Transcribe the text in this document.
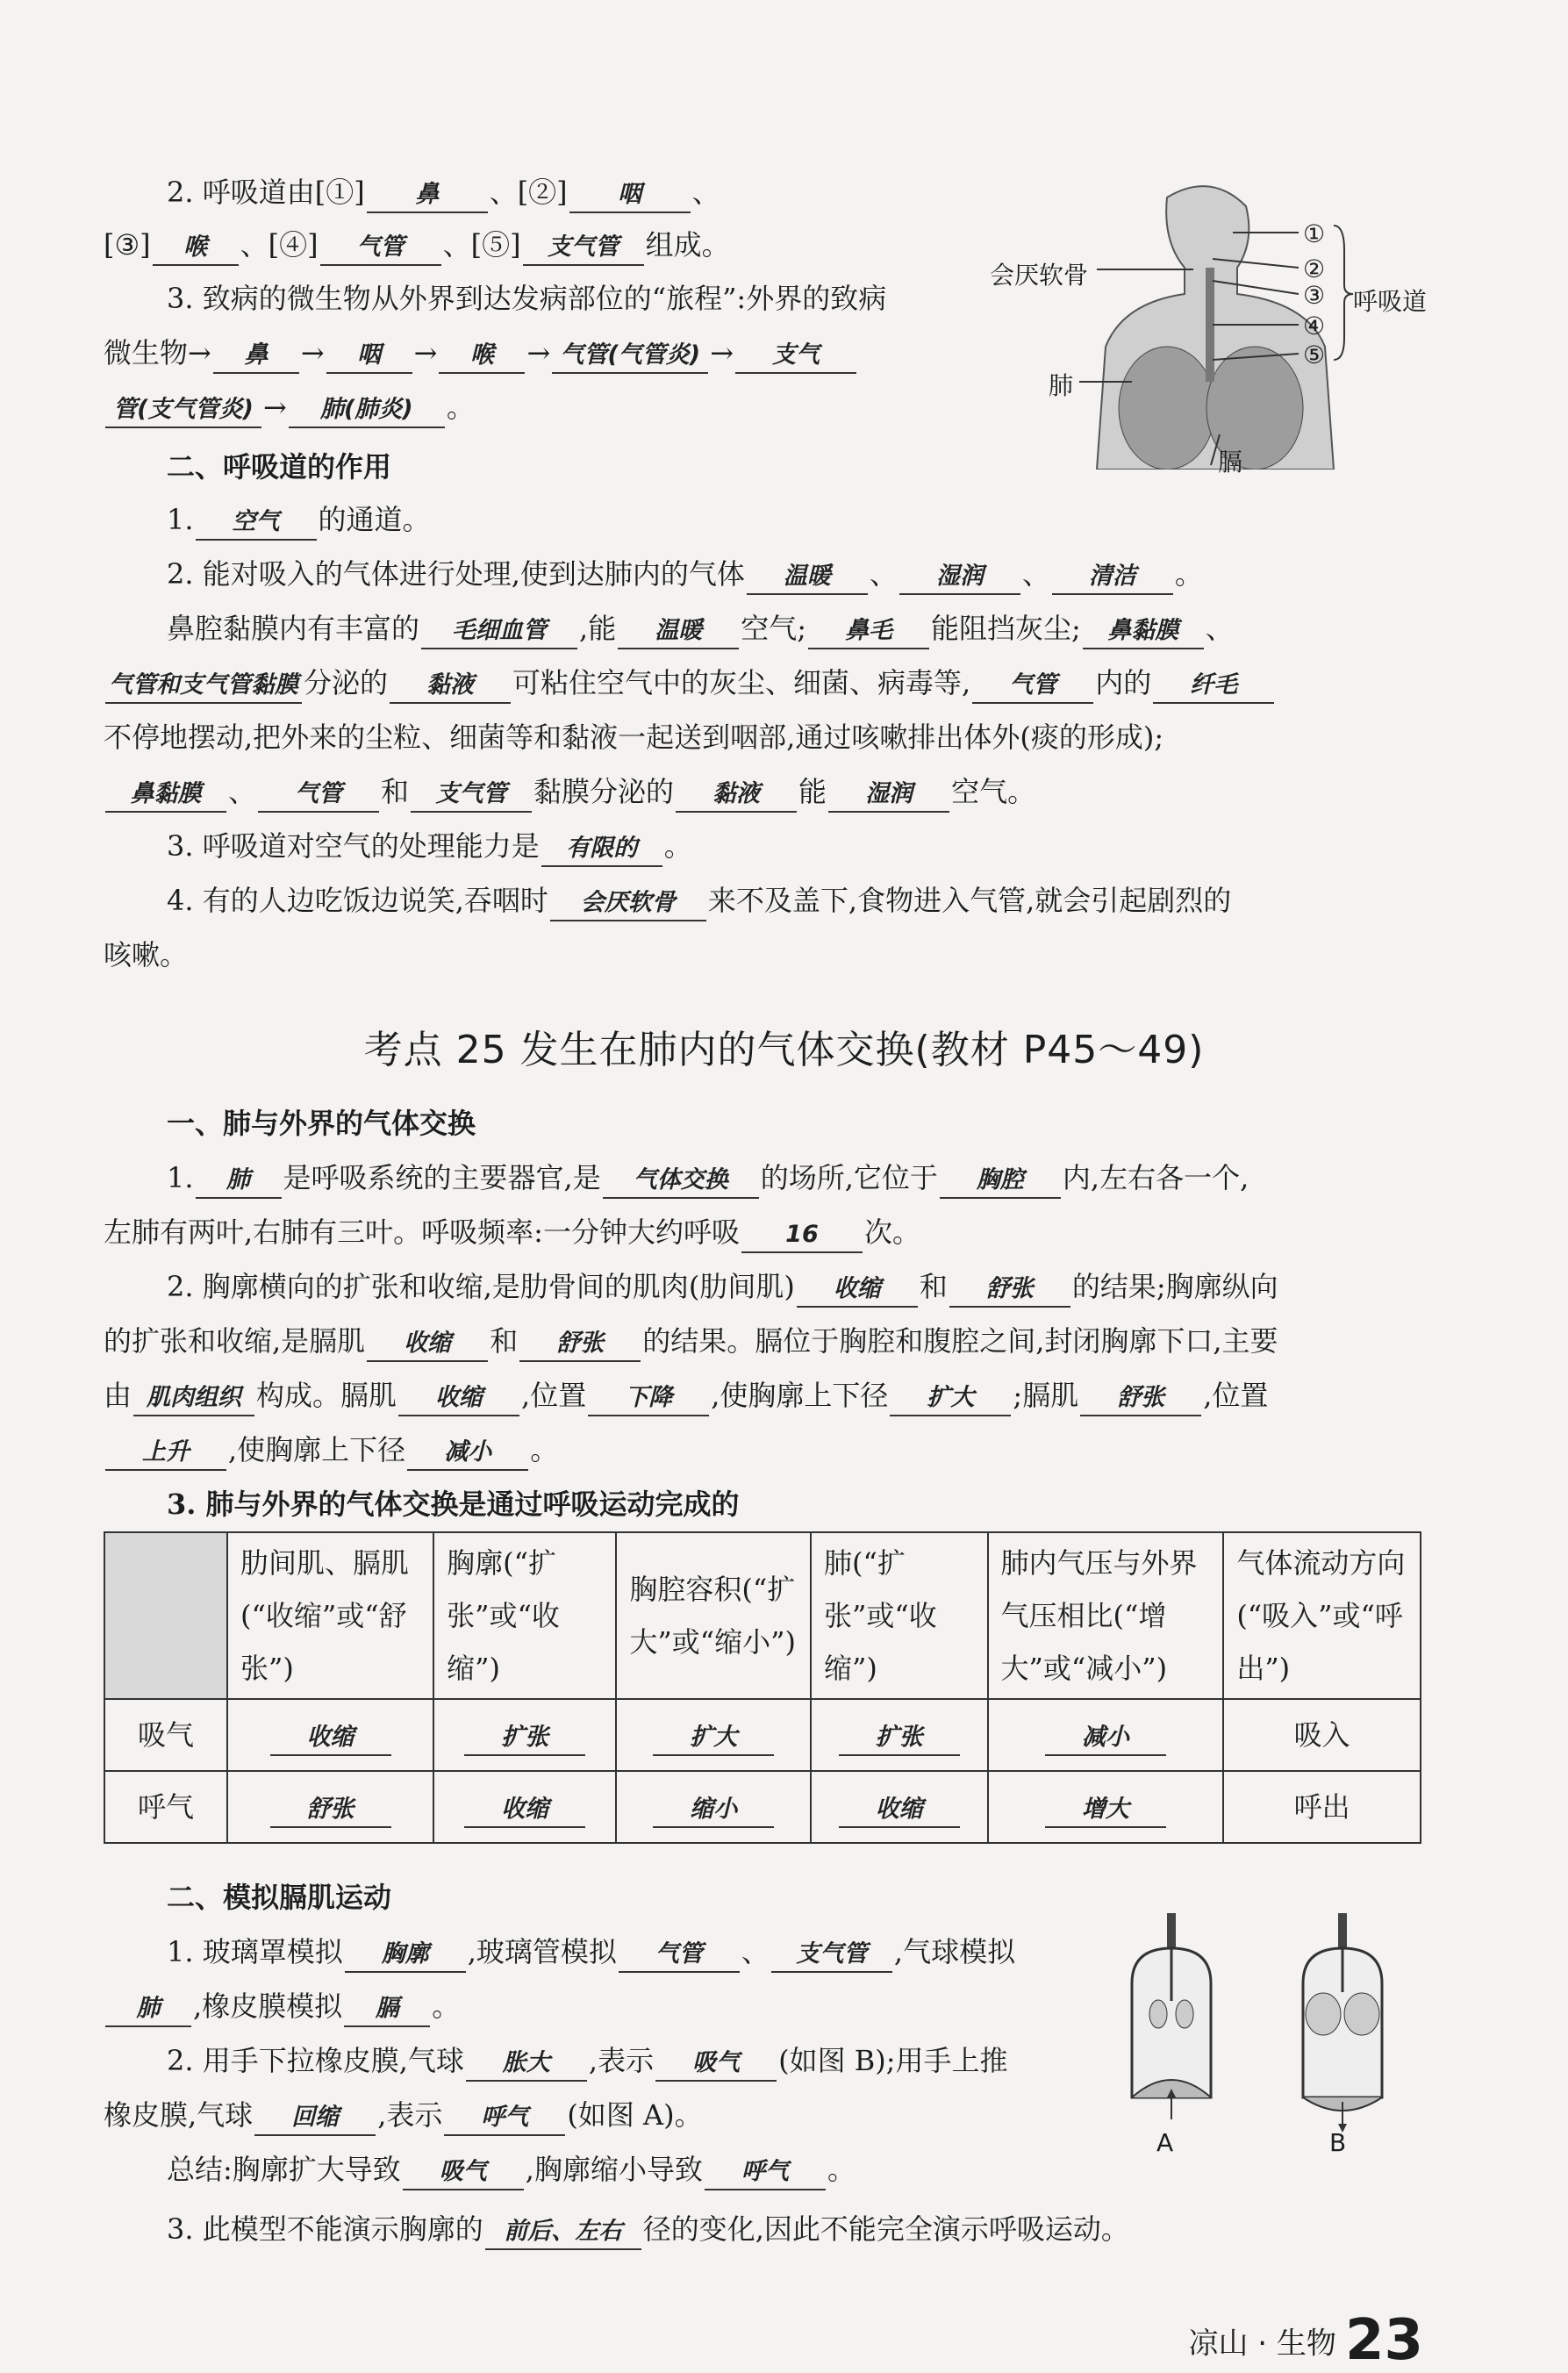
2. 呼吸道由[①] 鼻 、[②] 咽 、
[③] 喉 、[④] 气管 、[⑤] 支气管 组成。
3. 致病的微生物从外界到达发病部位的“旅程”:外界的致病
微生物→ 鼻 → 咽 → 喉 → 气管(气管炎) → 支气
管(支气管炎) → 肺(肺炎) 。
①
②
③
④
⑤
呼吸道
会厌软骨
肺
膈
二、呼吸道的作用
1. 空气 的通道。
2. 能对吸入的气体进行处理,使到达肺内的气体 温暖 、 湿润 、 清洁 。
鼻腔黏膜内有丰富的 毛细血管 ,能 温暖 空气; 鼻毛 能阻挡灰尘; 鼻黏膜 、
气管和支气管黏膜 分泌的 黏液 可粘住空气中的灰尘、细菌、病毒等, 气管 内的 纤毛
不停地摆动,把外来的尘粒、细菌等和黏液一起送到咽部,通过咳嗽排出体外(痰的形成);
鼻黏膜 、 气管 和 支气管 黏膜分泌的 黏液 能 湿润 空气。
3. 呼吸道对空气的处理能力是 有限的 。
4. 有的人边吃饭边说笑,吞咽时 会厌软骨 来不及盖下,食物进入气管,就会引起剧烈的
咳嗽。
考点 25 发生在肺内的气体交换(教材 P45～49)
一、肺与外界的气体交换
1. 肺 是呼吸系统的主要器官,是 气体交换 的场所,它位于 胸腔 内,左右各一个,
左肺有两叶,右肺有三叶。呼吸频率:一分钟大约呼吸 16 次。
2. 胸廓横向的扩张和收缩,是肋骨间的肌肉(肋间肌) 收缩 和 舒张 的结果;胸廓纵向
的扩张和收缩,是膈肌 收缩 和 舒张 的结果。膈位于胸腔和腹腔之间,封闭胸廓下口,主要
由 肌肉组织 构成。膈肌 收缩 ,位置 下降 ,使胸廓上下径 扩大 ;膈肌 舒张 ,位置
上升 ,使胸廓上下径 减小 。
3. 肺与外界的气体交换是通过呼吸运动完成的
	肋间肌、膈肌(“收缩”或“舒张”)	胸廓(“扩张”或“收缩”)	胸腔容积(“扩大”或“缩小”)	肺(“扩张”或“收缩”)	肺内气压与外界气压相比(“增大”或“减小”)	气体流动方向(“吸入”或“呼出”)
吸气	收缩	扩张	扩大	扩张	减小	吸入
呼气	舒张	收缩	缩小	收缩	增大	呼出
二、模拟膈肌运动
1. 玻璃罩模拟 胸廓 ,玻璃管模拟 气管 、 支气管 ,气球模拟
肺 ,橡皮膜模拟 膈 。
2. 用手下拉橡皮膜,气球 胀大 ,表示 吸气 (如图 B);用手上推
橡皮膜,气球 回缩 ,表示 呼气 (如图 A)。
总结:胸廓扩大导致 吸气 ,胸廓缩小导致 呼气 。
3. 此模型不能演示胸廓的 前后、左右 径的变化,因此不能完全演示呼吸运动。
A	B
凉山 · 生物 23
